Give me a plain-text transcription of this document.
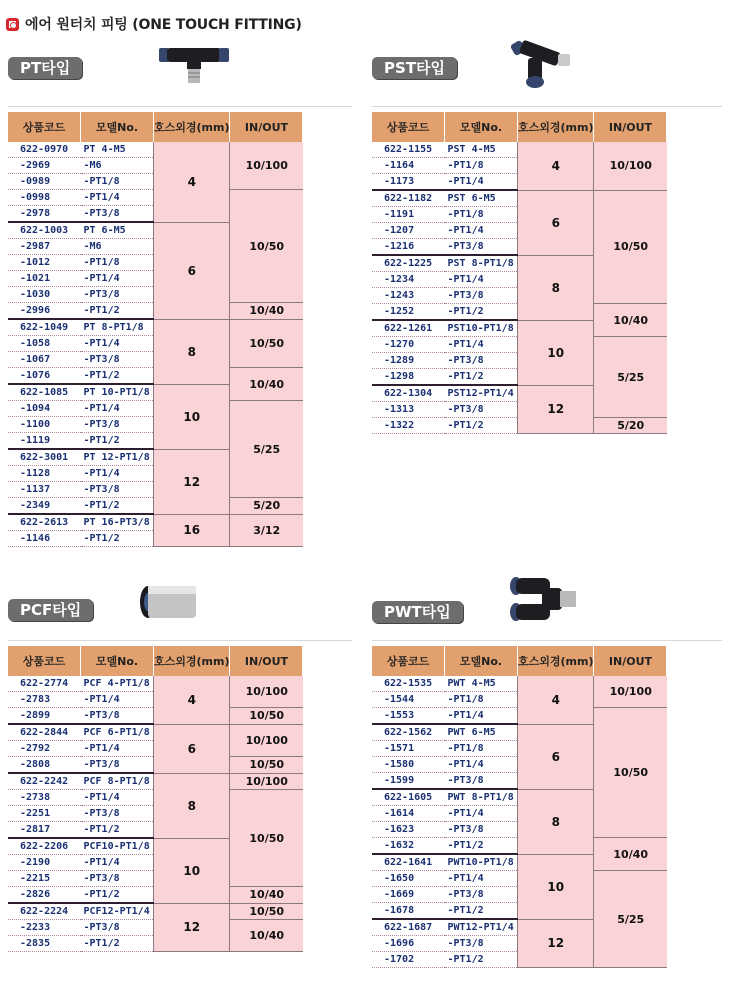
에어 원터치 피팅 (ONE TOUCH FITTING)
PT타입
상품코드	모델No.	호스외경(mm)	IN/OUT
622-0970	PT 4-M5	4	10/100
-2969	-M6		
-0989	-PT1/8		
-0998	-PT1/4		10/50
-2978	-PT3/8		
622-1003	PT 6-M5	6	
-2987	-M6		
-1012	-PT1/8		
-1021	-PT1/4		
-1030	-PT3/8		
-2996	-PT1/2		10/40
622-1049	PT 8-PT1/8	8	10/50
-1058	-PT1/4		
-1067	-PT3/8		
-1076	-PT1/2		10/40
622-1085	PT 10-PT1/8	10	
-1094	-PT1/4		5/25
-1100	-PT3/8		
-1119	-PT1/2		
622-3001	PT 12-PT1/8	12	
-1128	-PT1/4		
-1137	-PT3/8		
-2349	-PT1/2		5/20
622-2613	PT 16-PT3/8	16	3/12
-1146	-PT1/2		
PST타입
상품코드	모델No.	호스외경(mm)	IN/OUT
622-1155	PST 4-M5	4	10/100
-1164	-PT1/8		
-1173	-PT1/4		
622-1182	PST 6-M5	6	10/50
-1191	-PT1/8		
-1207	-PT1/4		
-1216	-PT3/8		
622-1225	PST 8-PT1/8	8	
-1234	-PT1/4		
-1243	-PT3/8		
-1252	-PT1/2		10/40
622-1261	PST10-PT1/8	10	
-1270	-PT1/4		5/25
-1289	-PT3/8		
-1298	-PT1/2		
622-1304	PST12-PT1/4	12	
-1313	-PT3/8		
-1322	-PT1/2		5/20
PCF타입
상품코드	모델No.	호스외경(mm)	IN/OUT
622-2774	PCF 4-PT1/8	4	10/100
-2783	-PT1/4		
-2899	-PT3/8		10/50
622-2844	PCF 6-PT1/8	6	10/100
-2792	-PT1/4		
-2808	-PT3/8		10/50
622-2242	PCF 8-PT1/8	8	10/100
-2738	-PT1/4		10/50
-2251	-PT3/8		
-2817	-PT1/2		
622-2206	PCF10-PT1/8	10	
-2190	-PT1/4		
-2215	-PT3/8		
-2826	-PT1/2		10/40
622-2224	PCF12-PT1/4	12	10/50
-2233	-PT3/8		10/40
-2835	-PT1/2		
PWT타입
상품코드	모델No.	호스외경(mm)	IN/OUT
622-1535	PWT 4-M5	4	10/100
-1544	-PT1/8		
-1553	-PT1/4		10/50
622-1562	PWT 6-M5	6	
-1571	-PT1/8		
-1580	-PT1/4		
-1599	-PT3/8		
622-1605	PWT 8-PT1/8	8	
-1614	-PT1/4		
-1623	-PT3/8		
-1632	-PT1/2		10/40
622-1641	PWT10-PT1/8	10	
-1650	-PT1/4		5/25
-1669	-PT3/8		
-1678	-PT1/2		
622-1687	PWT12-PT1/4	12	
-1696	-PT3/8		
-1702	-PT1/2		
